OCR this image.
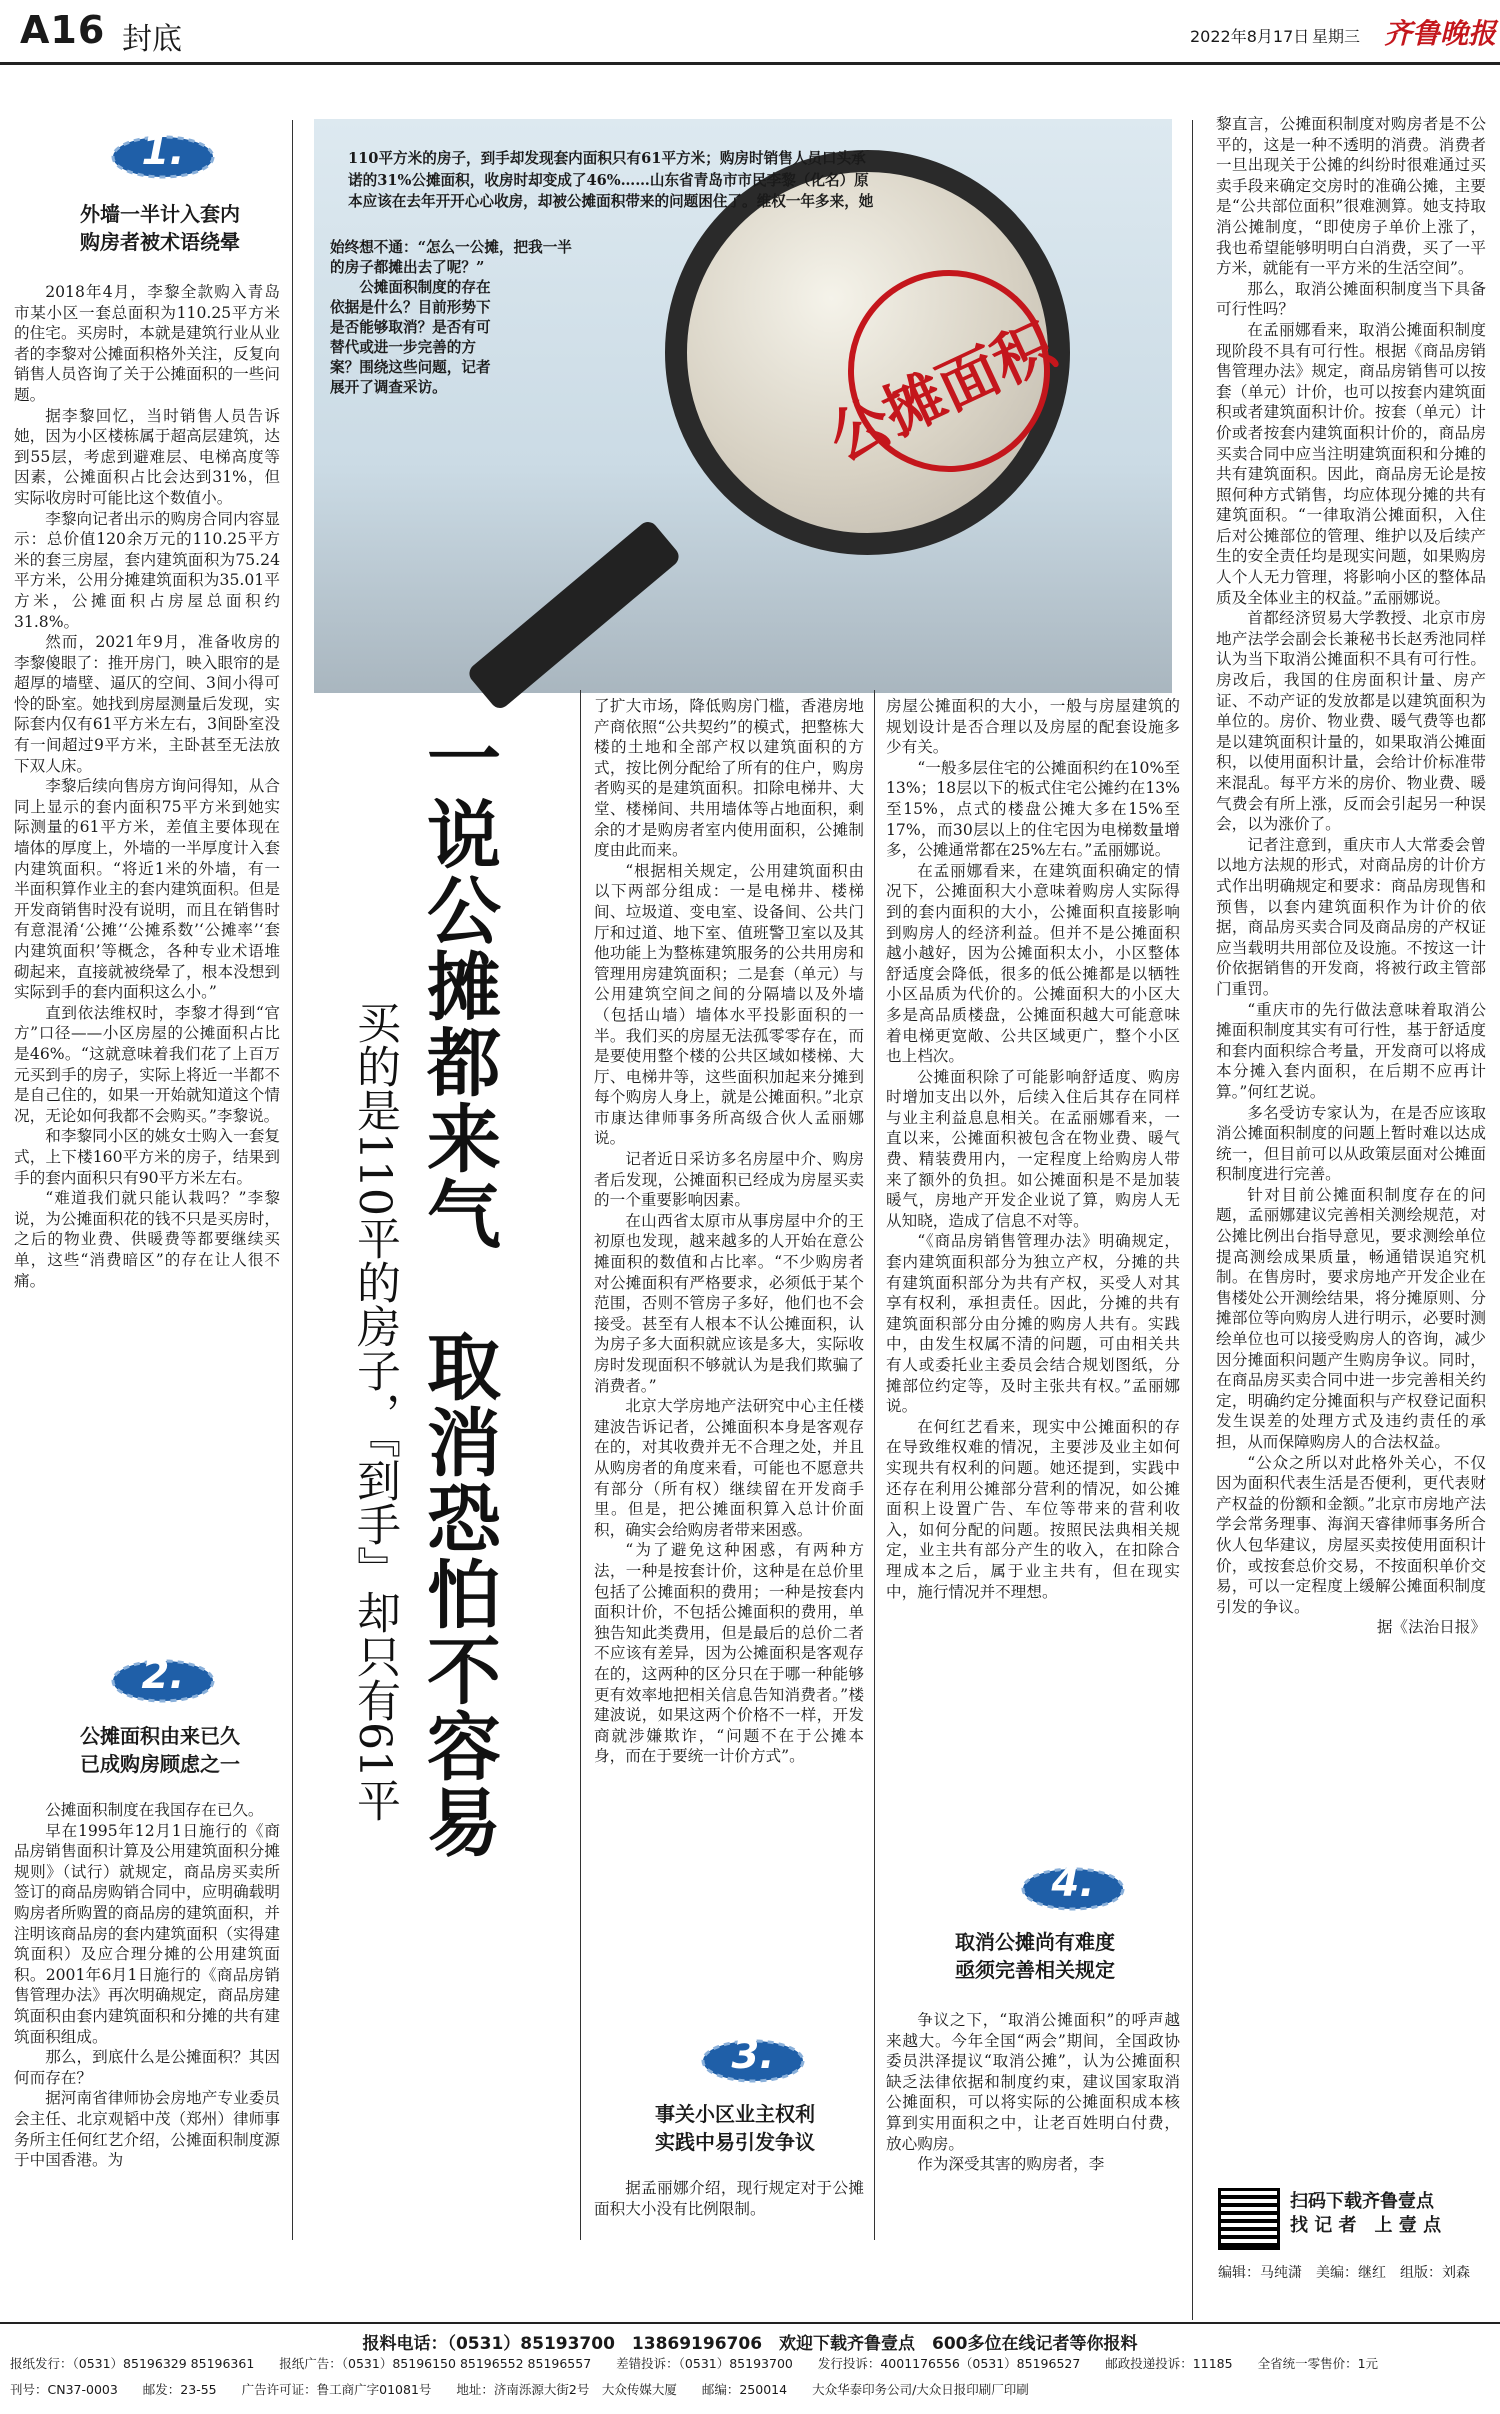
A16 封底	2022年8月17日 星期三 齐鲁晚报
1.
外墙一半计入套内
购房者被术语绕晕

2018年4月，李黎全款购入青岛市某小区一套总面积为110.25平方米的住宅。买房时，本就是建筑行业从业者的李黎对公摊面积格外关注，反复向销售人员咨询了关于公摊面积的一些问题。

据李黎回忆，当时销售人员告诉她，因为小区楼栋属于超高层建筑，达到55层，考虑到避难层、电梯高度等因素，公摊面积占比会达到31%，但实际收房时可能比这个数值小。

李黎向记者出示的购房合同内容显示：总价值120余万元的110.25平方米的套三房屋，套内建筑面积为75.24平方米，公用分摊建筑面积为35.01平方米，公摊面积占房屋总面积约31.8%。

然而，2021年9月，准备收房的李黎傻眼了：推开房门，映入眼帘的是超厚的墙壁、逼仄的空间、3间小得可怜的卧室。她找到房屋测量后发现，实际套内仅有61平方米左右，3间卧室没有一间超过9平方米，主卧甚至无法放下双人床。

李黎后续向售房方询问得知，从合同上显示的套内面积75平方米到她实际测量的61平方米，差值主要体现在墙体的厚度上，外墙的一半厚度计入套内建筑面积。“将近1米的外墙，有一半面积算作业主的套内建筑面积。但是开发商销售时没有说明，而且在销售时有意混淆‘公摊’‘公摊系数’‘公摊率’‘套内建筑面积’等概念，各种专业术语堆砌起来，直接就被绕晕了，根本没想到实际到手的套内面积这么小。”

直到依法维权时，李黎才得到“官方”口径——小区房屋的公摊面积占比是46%。“这就意味着我们花了上百万元买到手的房子，实际上将近一半都不是自己住的，如果一开始就知道这个情况，无论如何我都不会购买。”李黎说。

和李黎同小区的姚女士购入一套复式，上下楼160平方米的房子，结果到手的套内面积只有90平方米左右。

“难道我们就只能认栽吗？”李黎说，为公摊面积花的钱不只是买房时，之后的物业费、供暖费等都要继续买单，这些“消费暗区”的存在让人很不痛。

2.
公摊面积由来已久
已成购房顾虑之一

公摊面积制度在我国存在已久。

早在1995年12月1日施行的《商品房销售面积计算及公用建筑面积分摊规则》（试行）就规定，商品房买卖所签订的商品房购销合同中，应明确载明购房者所购置的商品房的建筑面积，并注明该商品房的套内建筑面积（实得建筑面积）及应合理分摊的公用建筑面积。2001年6月1日施行的《商品房销售管理办法》再次明确规定，商品房建筑面积由套内建筑面积和分摊的共有建筑面积组成。

那么，到底什么是公摊面积？其因何而存在？

据河南省律师协会房地产专业委员会主任、北京观韬中茂（郑州）律师事务所主任何红艺介绍，公摊面积制度源于中国香港。为

公摊面积
110平方米的房子，到手却发现套内面积只有61平方米；购房时销售人员口头承诺的31%公摊面积，收房时却变成了46%……山东省青岛市市民李黎（化名）原本应该在去年开开心心收房，却被公摊面积带来的问题困住了。维权一年多来，她
始终想不通：“怎么一公摊，把我一半
的房子都摊出去了呢？”
　　公摊面积制度的存在
依据是什么？目前形势下
是否能够取消？是否有可
替代或进一步完善的方
案？围绕这些问题，记者
展开了调查采访。
一说公摊都来气　取消恐怕不容易
买的是110平的房子，『到手』却只有61平

了扩大市场，降低购房门槛，香港房地产商依照“公共契约”的模式，把整栋大楼的土地和全部产权以建筑面积的方式，按比例分配给了所有的住户，购房者购买的是建筑面积。扣除电梯井、大堂、楼梯间、共用墙体等占地面积，剩余的才是购房者室内使用面积，公摊制度由此而来。

“根据相关规定，公用建筑面积由以下两部分组成：一是电梯井、楼梯间、垃圾道、变电室、设备间、公共门厅和过道、地下室、值班警卫室以及其他功能上为整栋建筑服务的公共用房和管理用房建筑面积；二是套（单元）与公用建筑空间之间的分隔墙以及外墙（包括山墙）墙体水平投影面积的一半。我们买的房屋无法孤零零存在，而是要使用整个楼的公共区域如楼梯、大厅、电梯井等，这些面积加起来分摊到每个购房人身上，就是公摊面积。”北京市康达律师事务所高级合伙人孟丽娜说。

记者近日采访多名房屋中介、购房者后发现，公摊面积已经成为房屋买卖的一个重要影响因素。

在山西省太原市从事房屋中介的王初原也发现，越来越多的人开始在意公摊面积的数值和占比率。“不少购房者对公摊面积有严格要求，必须低于某个范围，否则不管房子多好，他们也不会接受。甚至有人根本不认公摊面积，认为房子多大面积就应该是多大，实际收房时发现面积不够就认为是我们欺骗了消费者。”

北京大学房地产法研究中心主任楼建波告诉记者，公摊面积本身是客观存在的，对其收费并无不合理之处，并且从购房者的角度来看，可能也不愿意共有部分（所有权）继续留在开发商手里。但是，把公摊面积算入总计价面积，确实会给购房者带来困惑。

“为了避免这种困惑，有两种方法，一种是按套计价，这种是在总价里包括了公摊面积的费用；一种是按套内面积计价，不包括公摊面积的费用，单独告知此类费用，但是最后的总价二者不应该有差异，因为公摊面积是客观存在的，这两种的区分只在于哪一种能够更有效率地把相关信息告知消费者。”楼建波说，如果这两个价格不一样，开发商就涉嫌欺诈，“问题不在于公摊本身，而在于要统一计价方式”。

3.
事关小区业主权利
实践中易引发争议

据孟丽娜介绍，现行规定对于公摊面积大小没有比例限制。

房屋公摊面积的大小，一般与房屋建筑的规划设计是否合理以及房屋的配套设施多少有关。

“一般多层住宅的公摊面积约在10%至13%；18层以下的板式住宅公摊约在13%至15%，点式的楼盘公摊大多在15%至17%，而30层以上的住宅因为电梯数量增多，公摊通常都在25%左右。”孟丽娜说。

在孟丽娜看来，在建筑面积确定的情况下，公摊面积大小意味着购房人实际得到的套内面积的大小，公摊面积直接影响到购房人的经济利益。但并不是公摊面积越小越好，因为公摊面积太小，小区整体舒适度会降低，很多的低公摊都是以牺牲小区品质为代价的。公摊面积大的小区大多是高品质楼盘，公摊面积越大可能意味着电梯更宽敞、公共区域更广，整个小区也上档次。

公摊面积除了可能影响舒适度、购房时增加支出以外，后续入住后其存在同样与业主利益息息相关。在孟丽娜看来，一直以来，公摊面积被包含在物业费、暖气费、精装费用内，一定程度上给购房人带来了额外的负担。如公摊面积是不是加装暖气，房地产开发企业说了算，购房人无从知晓，造成了信息不对等。

“《商品房销售管理办法》明确规定，套内建筑面积部分为独立产权，分摊的共有建筑面积部分为共有产权，买受人对其享有权利，承担责任。因此，分摊的共有建筑面积部分由分摊的购房人共有。实践中，由发生权属不清的问题，可由相关共有人或委托业主委员会结合规划图纸，分摊部位约定等，及时主张共有权。”孟丽娜说。

在何红艺看来，现实中公摊面积的存在导致维权难的情况，主要涉及业主如何实现共有权利的问题。她还提到，实践中还存在利用公摊部分营利的情况，如公摊面积上设置广告、车位等带来的营利收入，如何分配的问题。按照民法典相关规定，业主共有部分产生的收入，在扣除合理成本之后，属于业主共有，但在现实中，施行情况并不理想。

4.
取消公摊尚有难度
亟须完善相关规定

争议之下，“取消公摊面积”的呼声越来越大。今年全国“两会”期间，全国政协委员洪泽提议“取消公摊”，认为公摊面积缺乏法律依据和制度约束，建议国家取消公摊面积，可以将实际的公摊面积成本核算到实用面积之中，让老百姓明白付费，放心购房。

作为深受其害的购房者，李

黎直言，公摊面积制度对购房者是不公平的，这是一种不透明的消费。消费者一旦出现关于公摊的纠纷时很难通过买卖手段来确定交房时的准确公摊，主要是“公共部位面积”很难测算。她支持取消公摊制度，“即使房子单价上涨了，我也希望能够明明白白消费，买了一平方米，就能有一平方米的生活空间”。

那么，取消公摊面积制度当下具备可行性吗？

在孟丽娜看来，取消公摊面积制度现阶段不具有可行性。根据《商品房销售管理办法》规定，商品房销售可以按套（单元）计价，也可以按套内建筑面积或者建筑面积计价。按套（单元）计价或者按套内建筑面积计价的，商品房买卖合同中应当注明建筑面积和分摊的共有建筑面积。因此，商品房无论是按照何种方式销售，均应体现分摊的共有建筑面积。“一律取消公摊面积，入住后对公摊部位的管理、维护以及后续产生的安全责任均是现实问题，如果购房人个人无力管理，将影响小区的整体品质及全体业主的权益。”孟丽娜说。

首都经济贸易大学教授、北京市房地产法学会副会长兼秘书长赵秀池同样认为当下取消公摊面积不具有可行性。房改后，我国的住房面积计量、房产证、不动产证的发放都是以建筑面积为单位的。房价、物业费、暖气费等也都是以建筑面积计量的，如果取消公摊面积，以使用面积计量，会给计价标准带来混乱。每平方米的房价、物业费、暖气费会有所上涨，反而会引起另一种误会，以为涨价了。

记者注意到，重庆市人大常委会曾以地方法规的形式，对商品房的计价方式作出明确规定和要求：商品房现售和预售，以套内建筑面积作为计价的依据，商品房买卖合同及商品房的产权证应当载明共用部位及设施。不按这一计价依据销售的开发商，将被行政主管部门重罚。

“重庆市的先行做法意味着取消公摊面积制度其实有可行性，基于舒适度和套内面积综合考量，开发商可以将成本分摊入套内面积，在后期不应再计算。”何红艺说。

多名受访专家认为，在是否应该取消公摊面积制度的问题上暂时难以达成统一，但目前可以从政策层面对公摊面积制度进行完善。

针对目前公摊面积制度存在的问题，孟丽娜建议完善相关测绘规范，对公摊比例出台指导意见，要求测绘单位提高测绘成果质量，畅通错误追究机制。在售房时，要求房地产开发企业在售楼处公开测绘结果，将分摊原则、分摊部位等向购房人进行明示，必要时测绘单位也可以接受购房人的咨询，减少因分摊面积问题产生购房争议。同时，在商品房买卖合同中进一步完善相关约定，明确约定分摊面积与产权登记面积发生误差的处理方式及违约责任的承担，从而保障购房人的合法权益。

“公众之所以对此格外关心，不仅因为面积代表生活是否便利，更代表财产权益的份额和金额。”北京市房地产法学会常务理事、海润天睿律师事务所合伙人包华建议，房屋买卖按使用面积计价，或按套总价交易，不按面积单价交易，可以一定程度上缓解公摊面积制度引发的争议。

据《法治日报》

扫码下载齐鲁壹点
找 记 者　上 壹 点
编辑：马纯潇　美编：继红　组版：刘森
报料电话：（0531）85193700　13869196706　欢迎下载齐鲁壹点　600多位在线记者等你报料
报纸发行：（0531）85196329 85196361　　报纸广告：（0531）85196150 85196552 85196557　　差错投诉：（0531）85193700　　发行投诉：4001176556（0531）85196527　　邮政投递投诉：11185　　全省统一零售价：1元
刊号：CN37-0003　　邮发：23-55　　广告许可证：鲁工商广字01081号　　地址：济南泺源大街2号　大众传媒大厦　　邮编：250014　　大众华泰印务公司/大众日报印刷厂印刷
